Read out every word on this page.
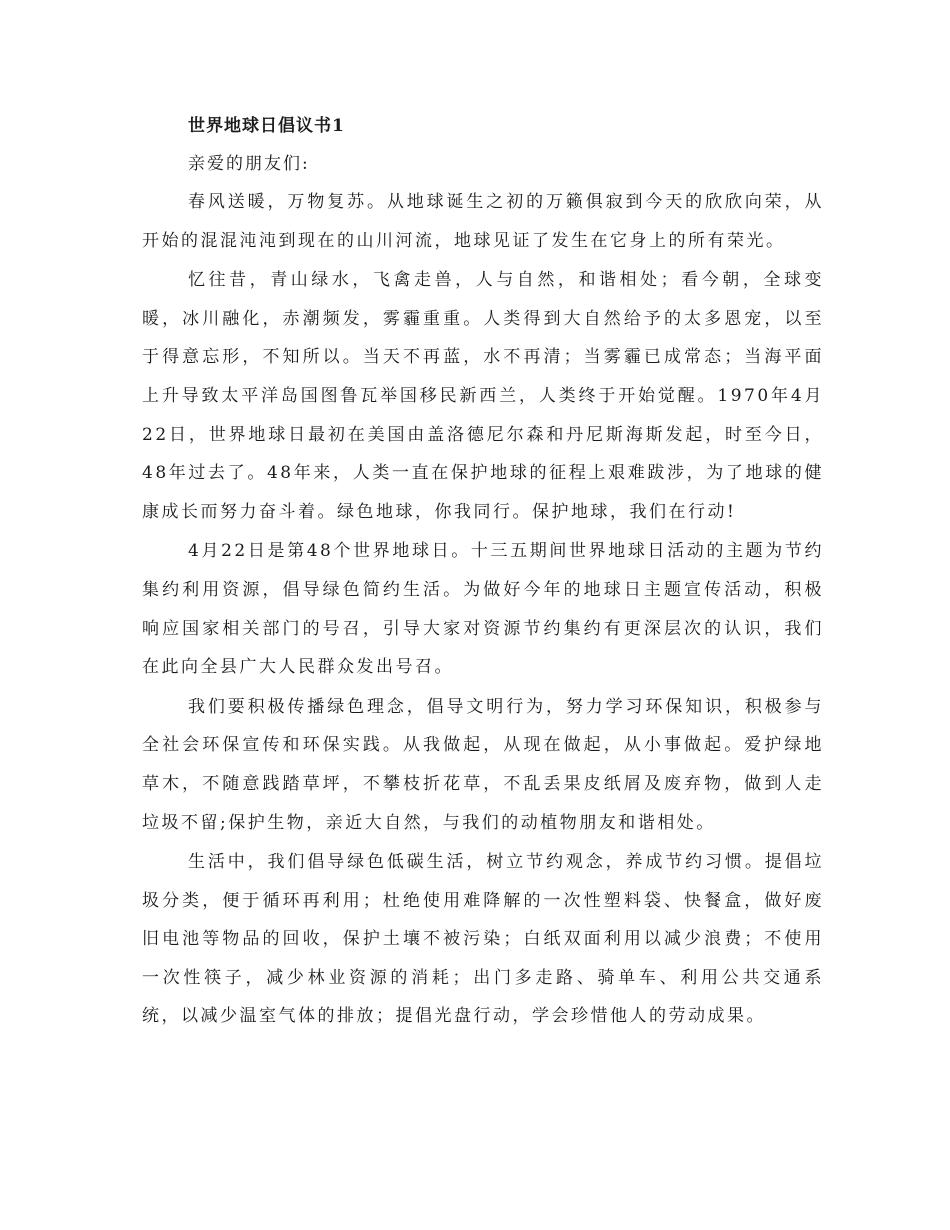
世界地球日倡议书1
亲爱的朋友们:

春风送暖，万物复苏。从地球诞生之初的万籁俱寂到今天的欣欣向荣，从开始的混混沌沌到现在的山川河流，地球见证了发生在它身上的所有荣光。

忆往昔，青山绿水，飞禽走兽，人与自然，和谐相处；看今朝，全球变暖，冰川融化，赤潮频发，雾霾重重。人类得到大自然给予的太多恩宠，以至于得意忘形，不知所以。当天不再蓝，水不再清；当雾霾已成常态；当海平面上升导致太平洋岛国图鲁瓦举国移民新西兰，人类终于开始觉醒。1970年4月22日，世界地球日最初在美国由盖洛德尼尔森和丹尼斯海斯发起，时至今日，48年过去了。48年来，人类一直在保护地球的征程上艰难跋涉，为了地球的健康成长而努力奋斗着。绿色地球，你我同行。保护地球，我们在行动!

4月22日是第48个世界地球日。十三五期间世界地球日活动的主题为节约集约利用资源，倡导绿色简约生活。为做好今年的地球日主题宣传活动，积极响应国家相关部门的号召，引导大家对资源节约集约有更深层次的认识，我们在此向全县广大人民群众发出号召。

我们要积极传播绿色理念，倡导文明行为，努力学习环保知识，积极参与全社会环保宣传和环保实践。从我做起，从现在做起，从小事做起。爱护绿地草木，不随意践踏草坪，不攀枝折花草，不乱丢果皮纸屑及废弃物，做到人走垃圾不留;保护生物，亲近大自然，与我们的动植物朋友和谐相处。

生活中，我们倡导绿色低碳生活，树立节约观念，养成节约习惯。提倡垃圾分类，便于循环再利用；杜绝使用难降解的一次性塑料袋、快餐盒，做好废旧电池等物品的回收，保护土壤不被污染；白纸双面利用以减少浪费；不使用一次性筷子，减少林业资源的消耗；出门多走路、骑单车、利用公共交通系统，以减少温室气体的排放；提倡光盘行动，学会珍惜他人的劳动成果。
